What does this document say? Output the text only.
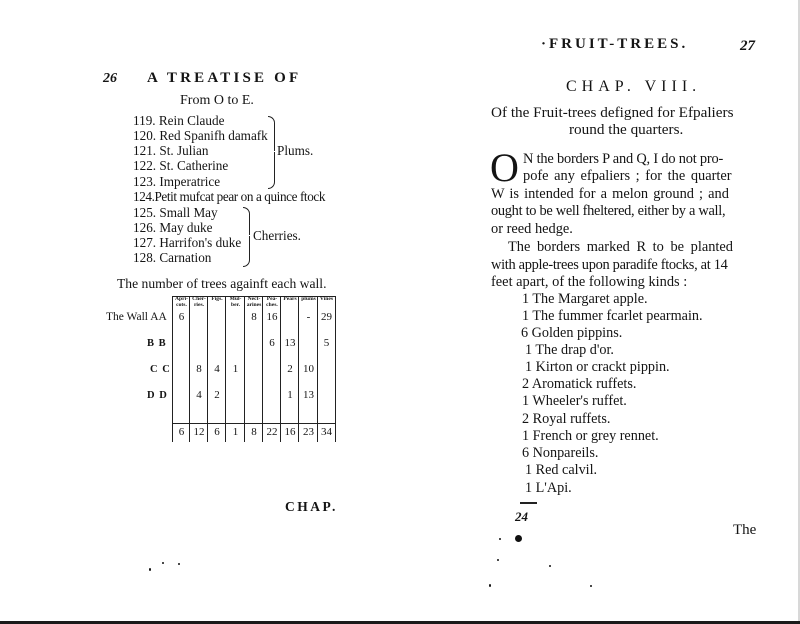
26 A TREATISE OF
From O to E.
119. Rein Claude
120. Red Spanifh damafk
121. St. Julian
122. St. Catherine
123. Imperatrice
124.Petit mufcat pear on a quince ftock
125. Small May
126. May duke
127. Harrifon's duke
128. Carnation
Plums.
Cherries.
The number of trees againft each wall.
The Wall AA
B B
C C
D D
Apri-cots.
6
6
Cher-ries.
8
4
12
Figs.
4
2
6
Mul-ber.
1
1
Nect-arines
8
8
Pea-ches.
16
6
22
Pears
13
2
1
16
plums
-
10
13
23
Vines
29
5
34
CHAP.
·FRUIT-TREES.	27
CHAP. VIII.
Of the Fruit-trees defigned for Efpaliers
round the quarters.
O N the borders P and Q, I do not pro-
pofe any efpaliers ; for the quarter
W is intended for a melon ground ; and
ought to be well fheltered, either by a wall,
or reed hedge.
The borders marked R to be planted
with apple-trees upon paradife ftocks, at 14
feet apart, of the following kinds :
1 The Margaret apple.
1 The fummer fcarlet pearmain.
6 Golden pippins.
1 The drap d'or.
1 Kirton or crackt pippin.
2 Aromatick ruffets.
1 Wheeler's ruffet.
2 Royal ruffets.
1 French or grey rennet.
6 Nonpareils.
1 Red calvil.
1 L'Api.
24
The
